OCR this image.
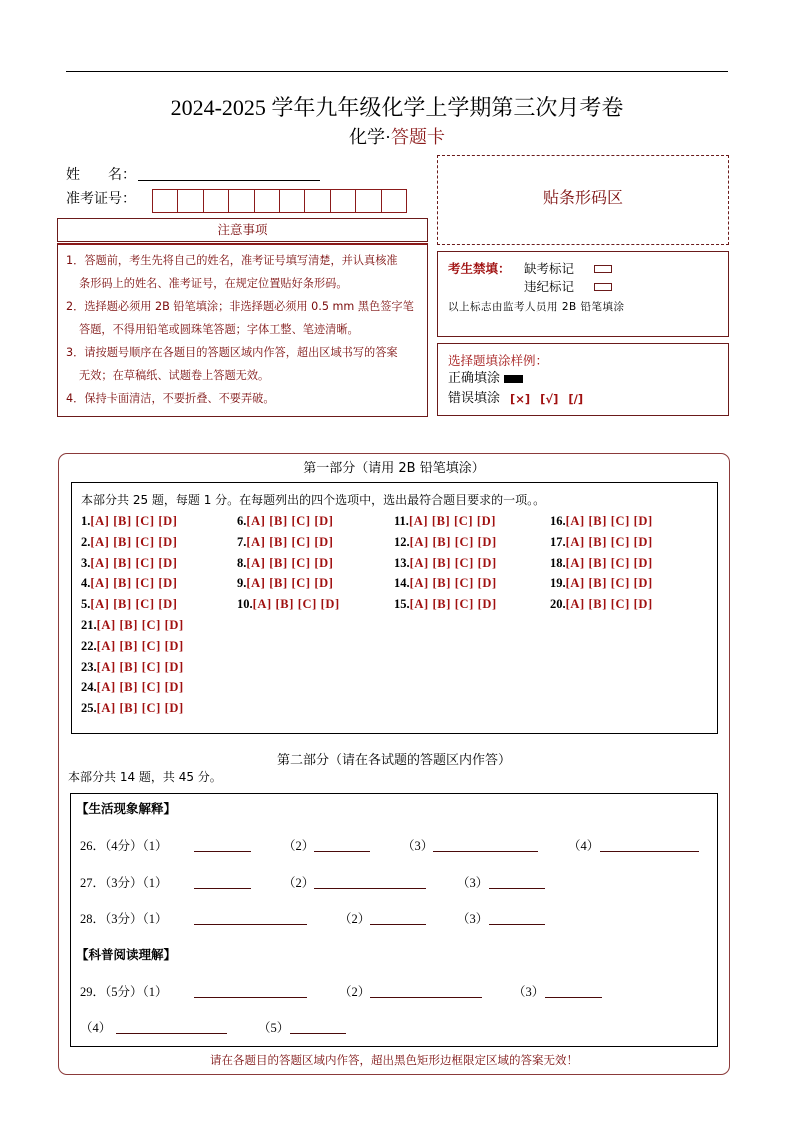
2024-2025 学年九年级化学上学期第三次月考卷
化学·答题卡
姓　　名：
准考证号：
注意事项
1．答题前，考生先将自己的姓名，准考证号填写清楚，并认真核准
条形码上的姓名、准考证号，在规定位置贴好条形码。
2．选择题必须用 2B 铅笔填涂；非选择题必须用 0.5 mm 黑色签字笔
答题，不得用铅笔或圆珠笔答题；字体工整、笔迹清晰。
3．请按题号顺序在各题目的答题区域内作答，超出区域书写的答案
无效；在草稿纸、试题卷上答题无效。
4．保持卡面清洁，不要折叠、不要弄破。
贴条形码区
考生禁填：	缺考标记
违纪标记
以上标志由监考人员用 2B 铅笔填涂
选择题填涂样例：
正确填涂
错误填涂 [×] [√] [/]
第一部分（请用 2B 铅笔填涂）
本部分共 25 题，每题 1 分。在每题列出的四个选项中，选出最符合题目要求的一项。。
1.[A] [B] [C] [D]
2.[A] [B] [C] [D]
3.[A] [B] [C] [D]
4.[A] [B] [C] [D]
5.[A] [B] [C] [D]
6.[A] [B] [C] [D]
7.[A] [B] [C] [D]
8.[A] [B] [C] [D]
9.[A] [B] [C] [D]
10.[A] [B] [C] [D]
11.[A] [B] [C] [D]
12.[A] [B] [C] [D]
13.[A] [B] [C] [D]
14.[A] [B] [C] [D]
15.[A] [B] [C] [D]
16.[A] [B] [C] [D]
17.[A] [B] [C] [D]
18.[A] [B] [C] [D]
19.[A] [B] [C] [D]
20.[A] [B] [C] [D]
21.[A] [B] [C] [D]
22.[A] [B] [C] [D]
23.[A] [B] [C] [D]
24.[A] [B] [C] [D]
25.[A] [B] [C] [D]
第二部分（请在各试题的答题区内作答）
本部分共 14 题，共 45 分。
【生活现象解释】
26．（4分）（1）	（2）	（3）	（4）
27．（3分）（1）	（2）	（3）
28．（3分）（1）	（2）	（3）
【科普阅读理解】
29．（5分）（1）	（2）	（3）
（4）	（5）
请在各题目的答题区域内作答，超出黑色矩形边框限定区域的答案无效！
